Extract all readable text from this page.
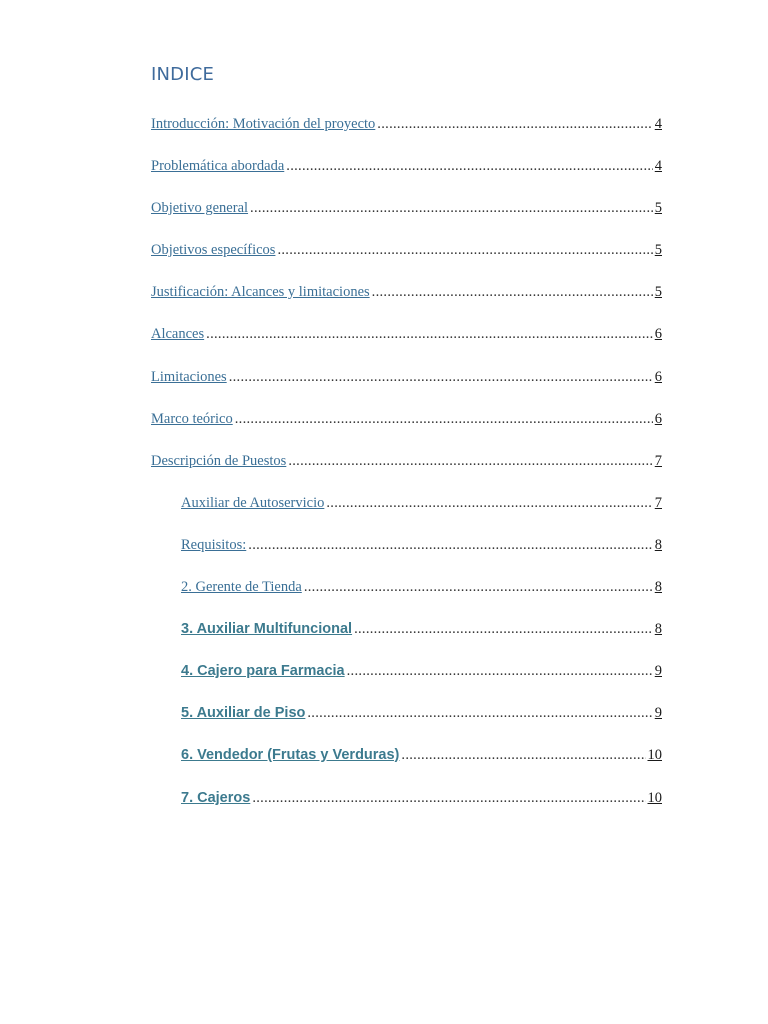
INDICE
Introducción: Motivación del proyecto .....	4
Problemática abordada .....	4
Objetivo general .....	5
Objetivos específicos .....	5
Justificación: Alcances y limitaciones .....	5
Alcances .....	6
Limitaciones .....	6
Marco teórico .....	6
Descripción de Puestos .....	7
Auxiliar de Autoservicio .....	7
Requisitos: .....	8
2. Gerente de Tienda .....	8
3. Auxiliar Multifuncional .....	8
4. Cajero para Farmacia .....	9
5. Auxiliar de Piso .....	9
6. Vendedor (Frutas y Verduras) .....	10
7. Cajeros .....	10
